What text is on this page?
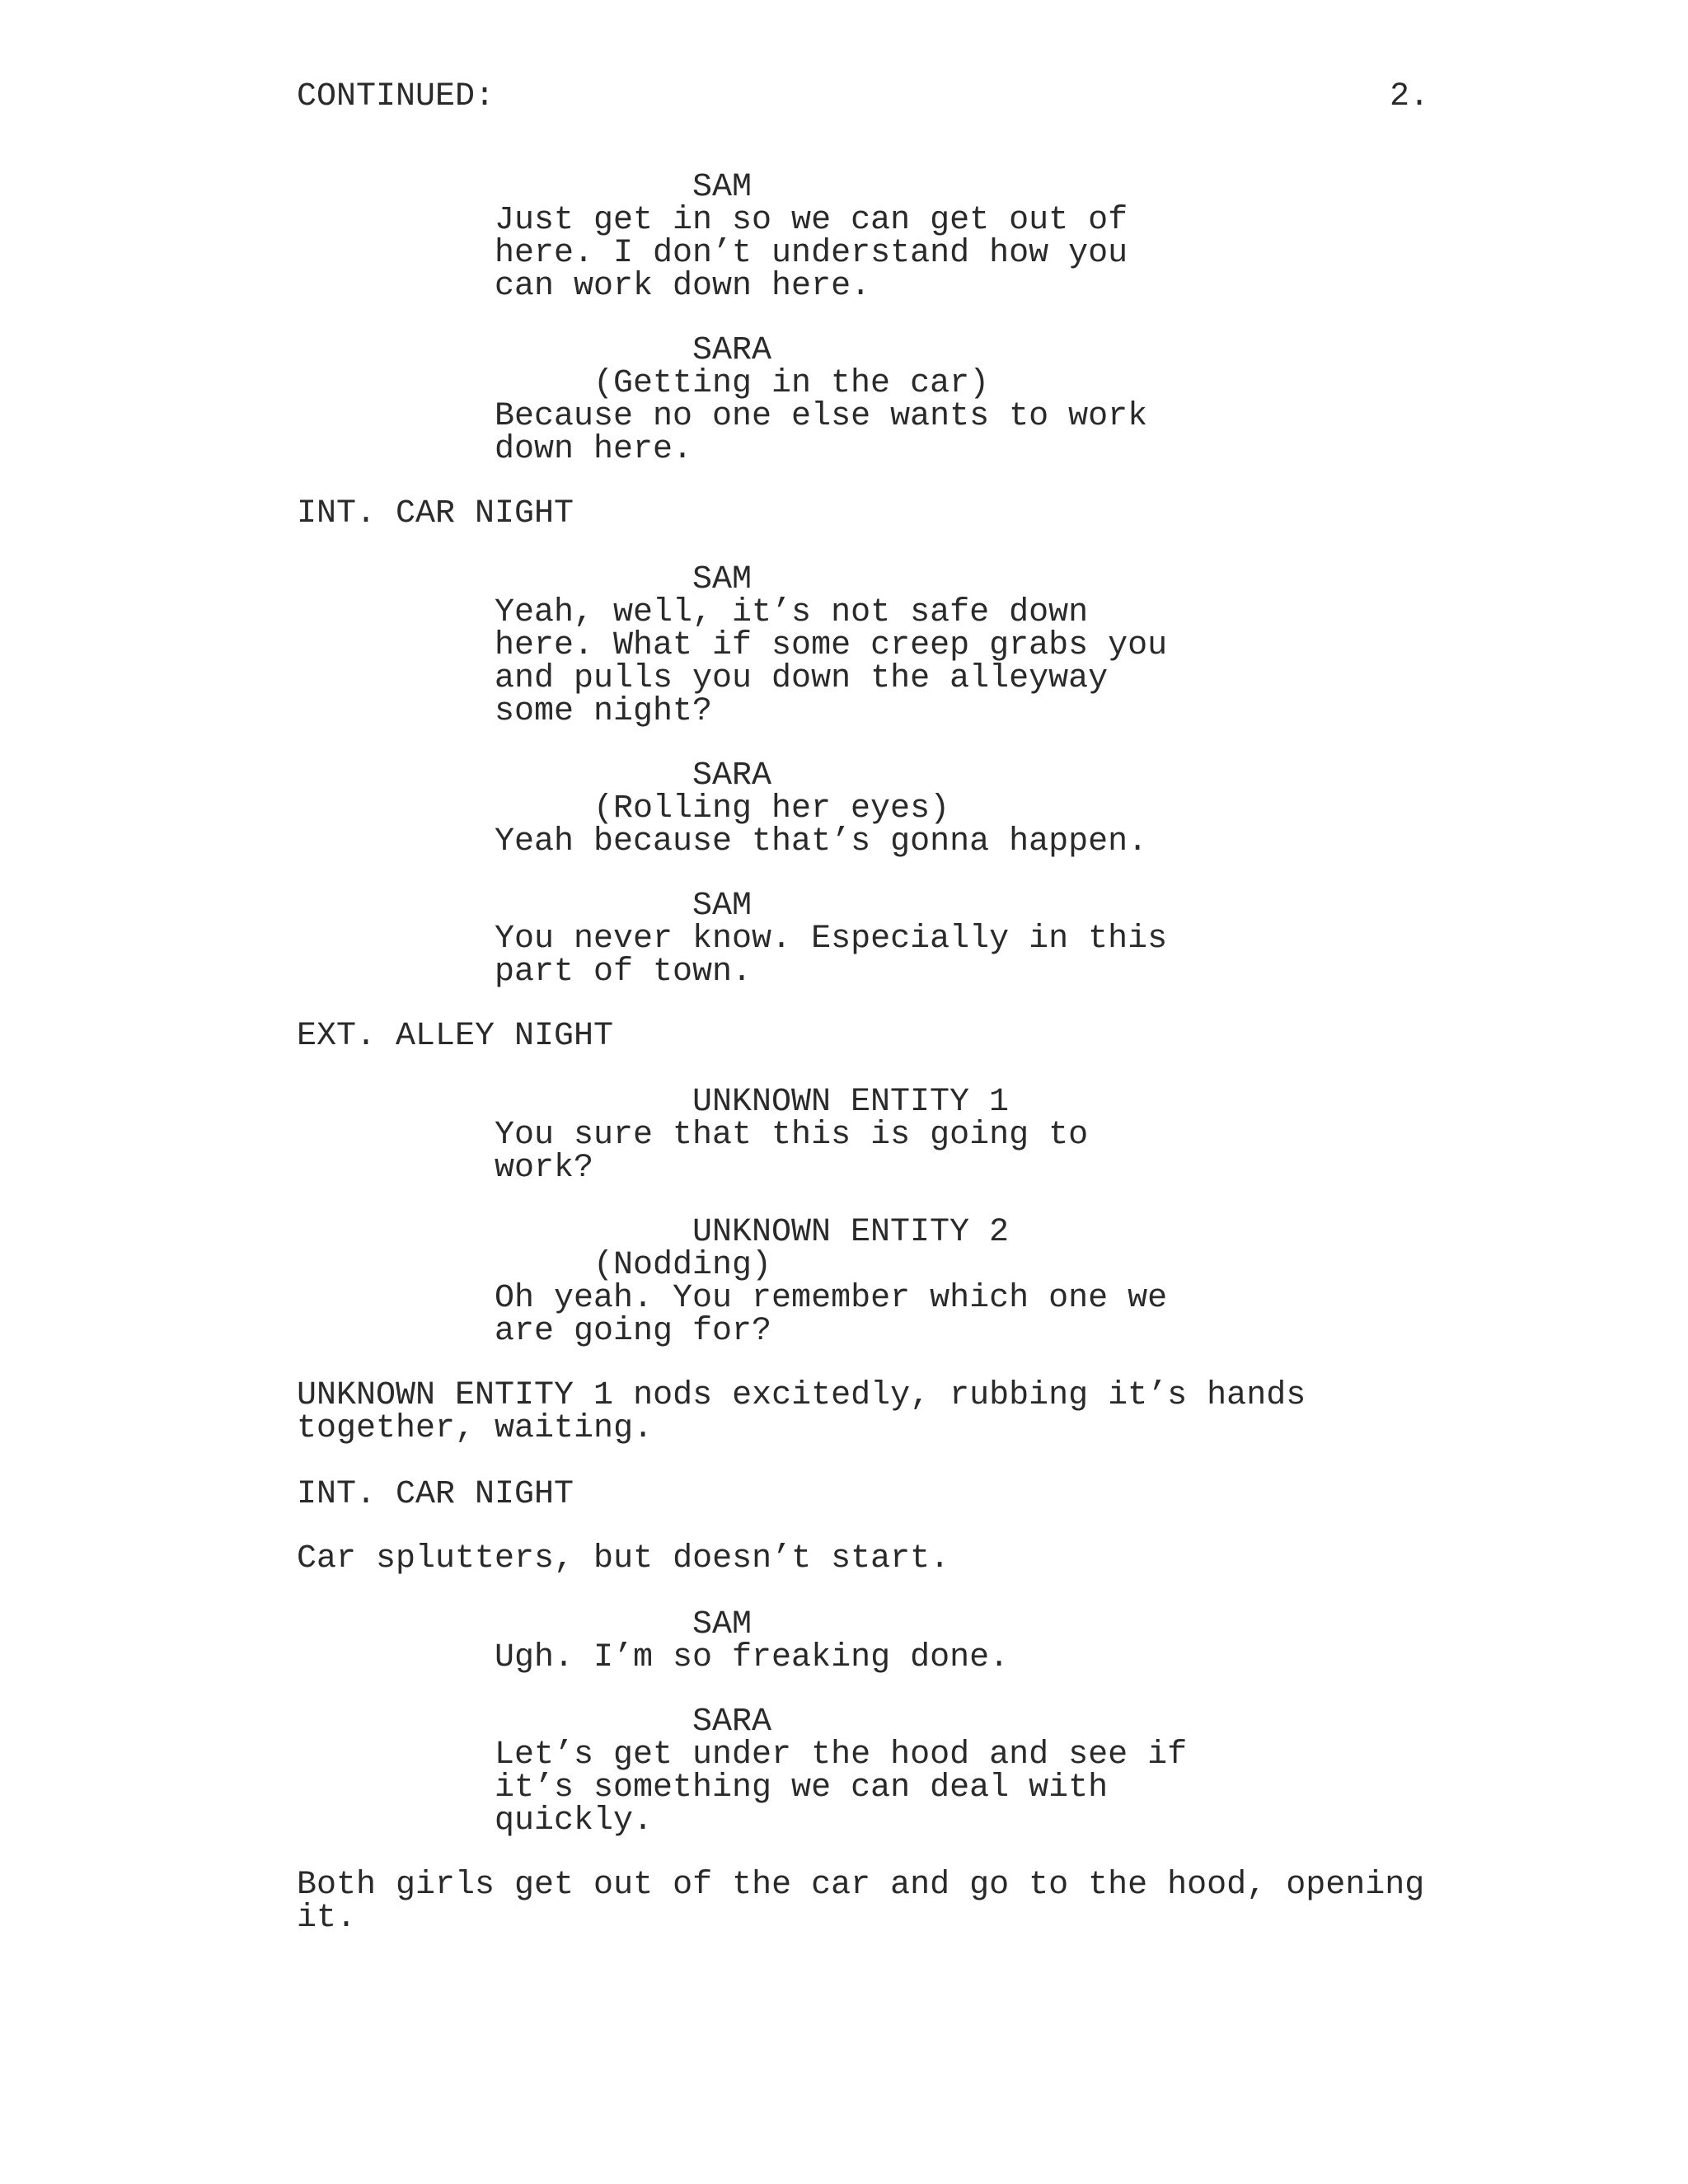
CONTINUED:	2.
SAM
Just get in so we can get out of
here. I don’t understand how you
can work down here.
SARA
(Getting in the car)
Because no one else wants to work
down here.
INT. CAR NIGHT
SAM
Yeah, well, it’s not safe down
here. What if some creep grabs you
and pulls you down the alleyway
some night?
SARA
(Rolling her eyes)
Yeah because that’s gonna happen.
SAM
You never know. Especially in this
part of town.
EXT. ALLEY NIGHT
UNKNOWN ENTITY 1
You sure that this is going to
work?
UNKNOWN ENTITY 2
(Nodding)
Oh yeah. You remember which one we
are going for?
UNKNOWN ENTITY 1 nods excitedly, rubbing it’s hands
together, waiting.
INT. CAR NIGHT
Car splutters, but doesn’t start.
SAM
Ugh. I’m so freaking done.
SARA
Let’s get under the hood and see if
it’s something we can deal with
quickly.
Both girls get out of the car and go to the hood, opening
it.
